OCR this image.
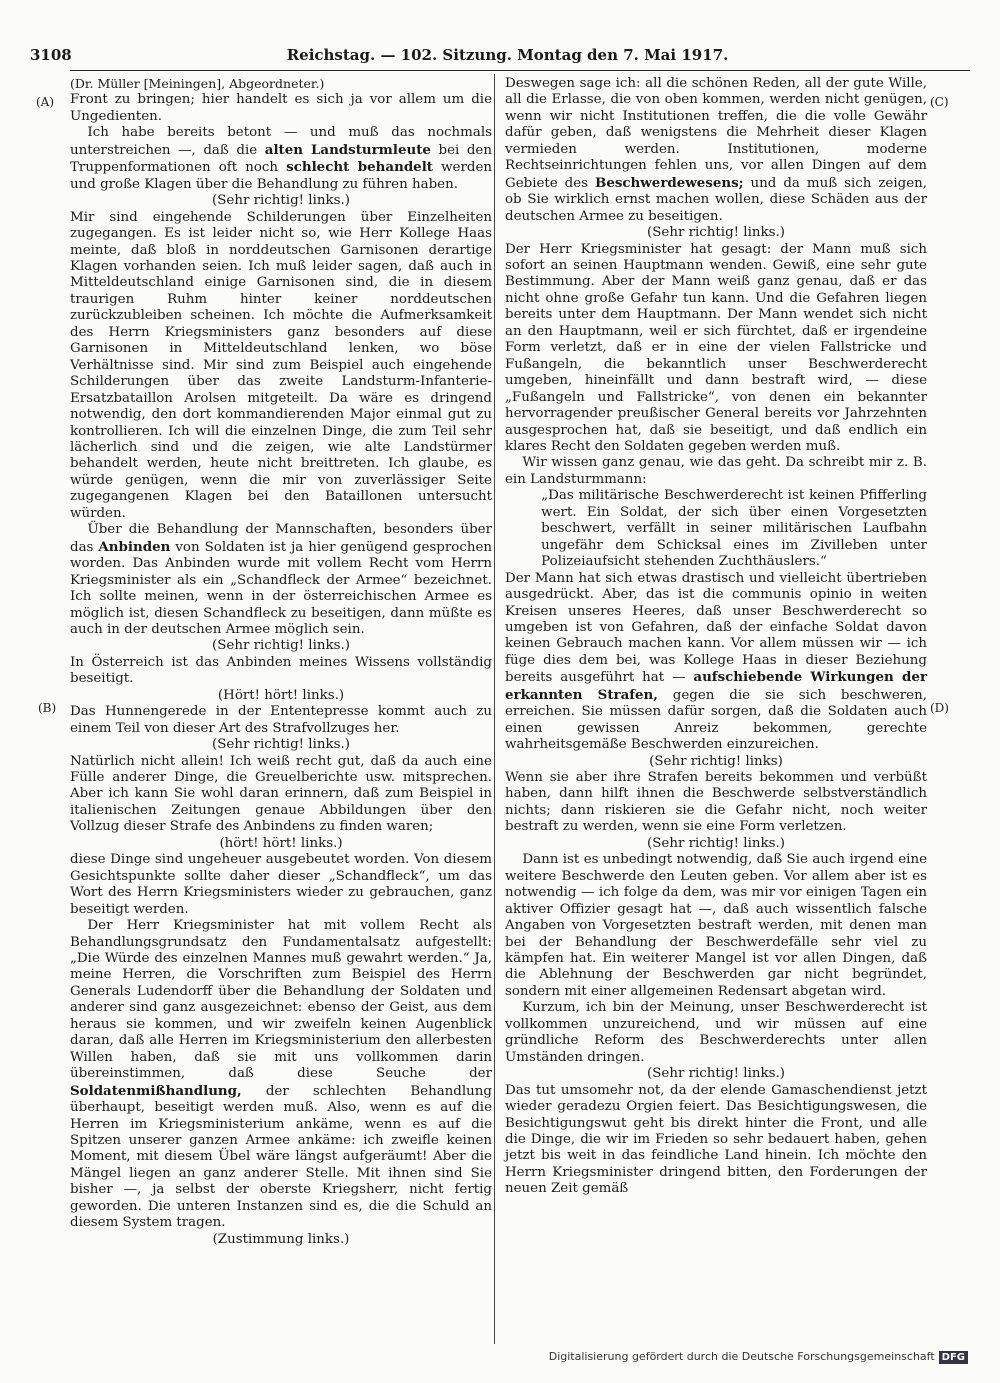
3108	Reichstag. — 102. Sitzung. Montag den 7. Mai 1917.
(A)
(B)
(C)
(D)

(Dr. Müller [Meiningen], Abgeordneter.)

Front zu bringen; hier handelt es sich ja vor allem um die Ungedienten.

Ich habe bereits betont — und muß das nochmals unterstreichen —, daß die alten Landsturmleute bei den Truppenformationen oft noch schlecht behandelt werden und große Klagen über die Behandlung zu führen haben.

(Sehr richtig! links.)

Mir sind eingehende Schilderungen über Einzelheiten zugegangen. Es ist leider nicht so, wie Herr Kollege Haas meinte, daß bloß in norddeutschen Garnisonen derartige Klagen vorhanden seien. Ich muß leider sagen, daß auch in Mitteldeutschland einige Garnisonen sind, die in diesem traurigen Ruhm hinter keiner norddeutschen zurückzubleiben scheinen. Ich möchte die Aufmerksamkeit des Herrn Kriegsministers ganz besonders auf diese Garnisonen in Mitteldeutschland lenken, wo böse Verhältnisse sind. Mir sind zum Beispiel auch eingehende Schilderungen über das zweite Landsturm-Infanterie-Ersatzbataillon Arolsen mitgeteilt. Da wäre es dringend notwendig, den dort kommandierenden Major einmal gut zu kontrollieren. Ich will die einzelnen Dinge, die zum Teil sehr lächerlich sind und die zeigen, wie alte Landstürmer behandelt werden, heute nicht breittreten. Ich glaube, es würde genügen, wenn die mir von zuverlässiger Seite zugegangenen Klagen bei den Bataillonen untersucht würden.

Über die Behandlung der Mannschaften, besonders über das Anbinden von Soldaten ist ja hier genügend gesprochen worden. Das Anbinden wurde mit vollem Recht vom Herrn Kriegsminister als ein „Schandfleck der Armee“ bezeichnet. Ich sollte meinen, wenn in der österreichischen Armee es möglich ist, diesen Schandfleck zu beseitigen, dann müßte es auch in der deutschen Armee möglich sein.

(Sehr richtig! links.)

In Österreich ist das Anbinden meines Wissens vollständig beseitigt.

(Hört! hört! links.)

Das Hunnengerede in der Ententepresse kommt auch zu einem Teil von dieser Art des Strafvollzuges her.

(Sehr richtig! links.)

Natürlich nicht allein! Ich weiß recht gut, daß da auch eine Fülle anderer Dinge, die Greuelberichte usw. mitsprechen. Aber ich kann Sie wohl daran erinnern, daß zum Beispiel in italienischen Zeitungen genaue Abbildungen über den Vollzug dieser Strafe des Anbindens zu finden waren;

(hört! hört! links.)

diese Dinge sind ungeheuer ausgebeutet worden. Von diesem Gesichtspunkte sollte daher dieser „Schandfleck“, um das Wort des Herrn Kriegsministers wieder zu gebrauchen, ganz beseitigt werden.

Der Herr Kriegsminister hat mit vollem Recht als Behandlungsgrundsatz den Fundamentalsatz aufgestellt: „Die Würde des einzelnen Mannes muß gewahrt werden.“ Ja, meine Herren, die Vorschriften zum Beispiel des Herrn Generals Ludendorff über die Behandlung der Soldaten und anderer sind ganz ausgezeichnet: ebenso der Geist, aus dem heraus sie kommen, und wir zweifeln keinen Augenblick daran, daß alle Herren im Kriegsministerium den allerbesten Willen haben, daß sie mit uns vollkommen darin übereinstimmen, daß diese Seuche der Soldatenmißhandlung, der schlechten Behandlung überhaupt, beseitigt werden muß. Also, wenn es auf die Herren im Kriegsministerium ankäme, wenn es auf die Spitzen unserer ganzen Armee ankäme: ich zweifle keinen Moment, mit diesem Übel wäre längst aufgeräumt! Aber die Mängel liegen an ganz anderer Stelle. Mit ihnen sind Sie bisher —, ja selbst der oberste Kriegsherr, nicht fertig geworden. Die unteren Instanzen sind es, die die Schuld an diesem System tragen.

(Zustimmung links.)

Deswegen sage ich: all die schönen Reden, all der gute Wille, all die Erlasse, die von oben kommen, werden nicht genügen, wenn wir nicht Institutionen treffen, die die volle Gewähr dafür geben, daß wenigstens die Mehrheit dieser Klagen vermieden werden. Institutionen, moderne Rechtseinrichtungen fehlen uns, vor allen Dingen auf dem Gebiete des Beschwerdewesens; und da muß sich zeigen, ob Sie wirklich ernst machen wollen, diese Schäden aus der deutschen Armee zu beseitigen.

(Sehr richtig! links.)

Der Herr Kriegsminister hat gesagt: der Mann muß sich sofort an seinen Hauptmann wenden. Gewiß, eine sehr gute Bestimmung. Aber der Mann weiß ganz genau, daß er das nicht ohne große Gefahr tun kann. Und die Gefahren liegen bereits unter dem Hauptmann. Der Mann wendet sich nicht an den Hauptmann, weil er sich fürchtet, daß er irgendeine Form verletzt, daß er in eine der vielen Fallstricke und Fußangeln, die bekanntlich unser Beschwerderecht umgeben, hineinfällt und dann bestraft wird, — diese „Fußangeln und Fallstricke“, von denen ein bekannter hervorragender preußischer General bereits vor Jahrzehnten ausgesprochen hat, daß sie beseitigt, und daß endlich ein klares Recht den Soldaten gegeben werden muß.

Wir wissen ganz genau, wie das geht. Da schreibt mir z. B. ein Landsturmmann:

„Das militärische Beschwerderecht ist keinen Pfifferling wert. Ein Soldat, der sich über einen Vorgesetzten beschwert, verfällt in seiner militärischen Laufbahn ungefähr dem Schicksal eines im Zivilleben unter Polizeiaufsicht stehenden Zuchthäuslers.“

Der Mann hat sich etwas drastisch und vielleicht übertrieben ausgedrückt. Aber, das ist die communis opinio in weiten Kreisen unseres Heeres, daß unser Beschwerderecht so umgeben ist von Gefahren, daß der einfache Soldat davon keinen Gebrauch machen kann. Vor allem müssen wir — ich füge dies dem bei, was Kollege Haas in dieser Beziehung bereits ausgeführt hat — aufschiebende Wirkungen der erkannten Strafen, gegen die sie sich beschweren, erreichen. Sie müssen dafür sorgen, daß die Soldaten auch einen gewissen Anreiz bekommen, gerechte wahrheitsgemäße Beschwerden einzureichen.

(Sehr richtig! links)

Wenn sie aber ihre Strafen bereits bekommen und verbüßt haben, dann hilft ihnen die Beschwerde selbstverständlich nichts; dann riskieren sie die Gefahr nicht, noch weiter bestraft zu werden, wenn sie eine Form verletzen.

(Sehr richtig! links.)

Dann ist es unbedingt notwendig, daß Sie auch irgend eine weitere Beschwerde den Leuten geben. Vor allem aber ist es notwendig — ich folge da dem, was mir vor einigen Tagen ein aktiver Offizier gesagt hat —, daß auch wissentlich falsche Angaben von Vorgesetzten bestraft werden, mit denen man bei der Behandlung der Beschwerdefälle sehr viel zu kämpfen hat. Ein weiterer Mangel ist vor allen Dingen, daß die Ablehnung der Beschwerden gar nicht begründet, sondern mit einer allgemeinen Redensart abgetan wird.

Kurzum, ich bin der Meinung, unser Beschwerderecht ist vollkommen unzureichend, und wir müssen auf eine gründliche Reform des Beschwerderechts unter allen Umständen dringen.

(Sehr richtig! links.)

Das tut umsomehr not, da der elende Gamaschendienst jetzt wieder geradezu Orgien feiert. Das Besichtigungswesen, die Besichtigungswut geht bis direkt hinter die Front, und alle die Dinge, die wir im Frieden so sehr bedauert haben, gehen jetzt bis weit in das feindliche Land hinein. Ich möchte den Herrn Kriegsminister dringend bitten, den Forderungen der neuen Zeit gemäß

Digitalisierung gefördert durch die Deutsche Forschungsgemeinschaft DFG
